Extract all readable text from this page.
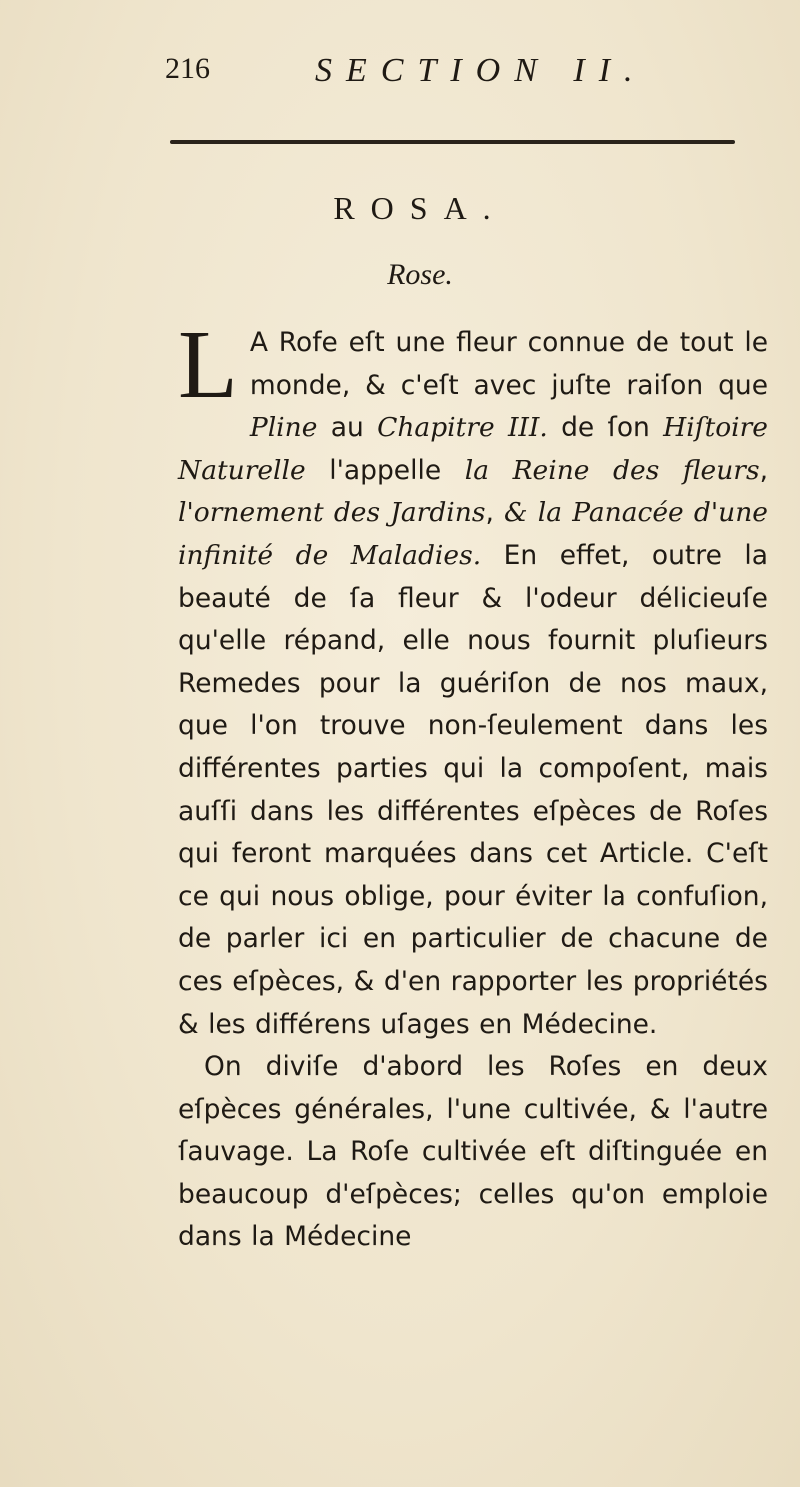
216	SECTION II.
ROSA.
Rose.

L A Rofe eſt une fleur connue de tout le monde, & c'eſt avec juſte raiſon que Pline au Chapitre III. de ſon Hiſtoire Naturelle l'appelle la Reine des fleurs, l'ornement des Jardins, & la Panacée d'une infinité de Maladies. En effet, outre la beauté de ſa fleur & l'odeur délicieuſe qu'elle répand, elle nous fournit pluſieurs Remedes pour la guériſon de nos maux, que l'on trouve non-ſeulement dans les différentes parties qui la compoſent, mais auſſi dans les différentes eſpèces de Roſes qui feront marquées dans cet Article. C'eſt ce qui nous oblige, pour éviter la confuſion, de parler ici en particulier de chacune de ces eſpèces, & d'en rapporter les propriétés & les différens uſages en Médecine.

On diviſe d'abord les Roſes en deux eſpèces générales, l'une cultivée, & l'autre ſauvage. La Roſe cultivée eſt diſtinguée en beaucoup d'eſpèces; celles qu'on emploie dans la Médecine
